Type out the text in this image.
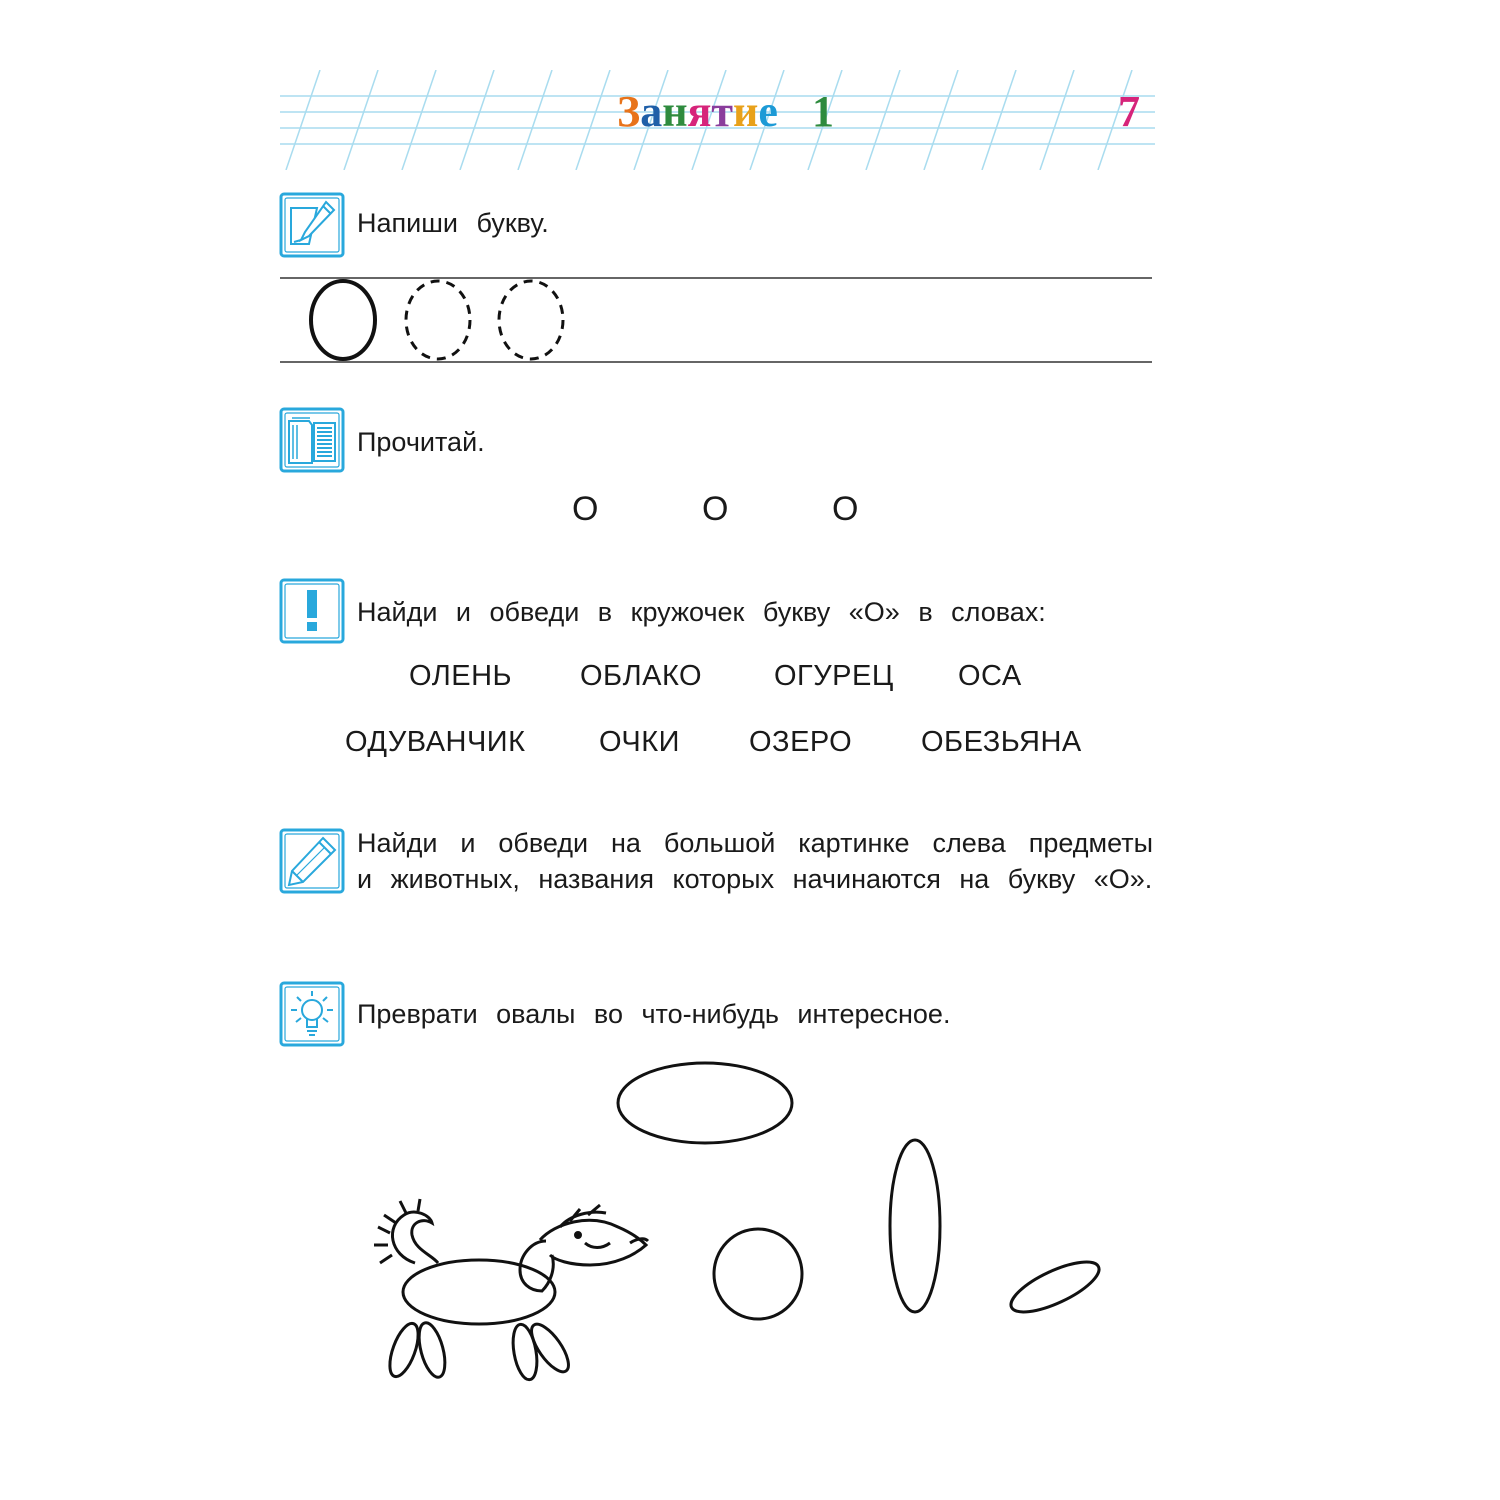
Занятие 1	7
Напиши букву.
Прочитай.
О	О	О
Найди и обведи в кружочек букву «О» в словах:
ОЛЕНЬ ОБЛАКО ОГУРЕЦ ОСА
ОДУВАНЧИК	ОЧКИ ОЗЕРО ОБЕЗЬЯНА
Найди и обведи на большой картинке слева предметы и животных, названия которых начинаются на букву «О».
Преврати овалы во что-нибудь интересное.
